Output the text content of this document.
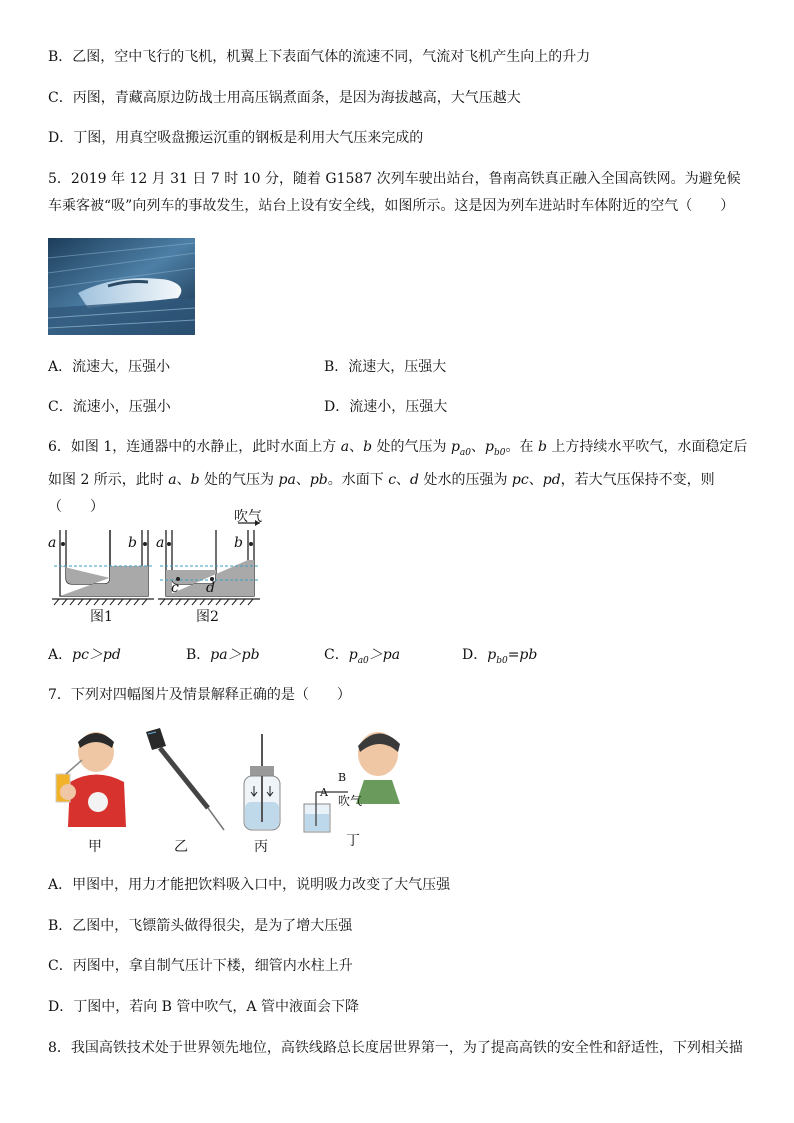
B．乙图，空中飞行的飞机，机翼上下表面气体的流速不同，气流对飞机产生向上的升力
C．丙图，青藏高原边防战士用高压锅煮面条，是因为海拔越高，大气压越大
D．丁图，用真空吸盘搬运沉重的钢板是利用大气压来完成的
5．2019 年 12 月 31 日 7 时 10 分，随着 G1587 次列车驶出站台，鲁南高铁真正融入全国高铁网。为避免候车乘客被“吸”向列车的事故发生，站台上设有安全线，如图所示。这是因为列车进站时车体附近的空气（　　）
A．流速大，压强小	B．流速大，压强大
C．流速小，压强小	D．流速小，压强大
6．如图 1，连通器中的水静止，此时水面上方 a、b 处的气压为 $p_{a0}$、$p_{b0}$。在 b 上方持续水平吹气，水面稳定后如图 2 所示，此时 a、b 处的气压为 pa、pb。水面下 c、d 处水的压强为 pc、pd，若大气压保持不变，则（　　）
吹气
a	b a	b
c d
图1	图2
A．pc＞pd	B．pa＞pb	C．$p_{a0}>pa$	D．$p_{b0}=pb$
7．下列对四幅图片及情景解释正确的是（　　）
甲	乙	丙	丁
B
A
吹气
A．甲图中，用力才能把饮料吸入口中，说明吸力改变了大气压强
B．乙图中，飞镖箭头做得很尖，是为了增大压强
C．丙图中，拿自制气压计下楼，细管内水柱上升
D．丁图中，若向 B 管中吹气，A 管中液面会下降
8．我国高铁技术处于世界领先地位，高铁线路总长度居世界第一，为了提高高铁的安全性和舒适性，下列相关描
